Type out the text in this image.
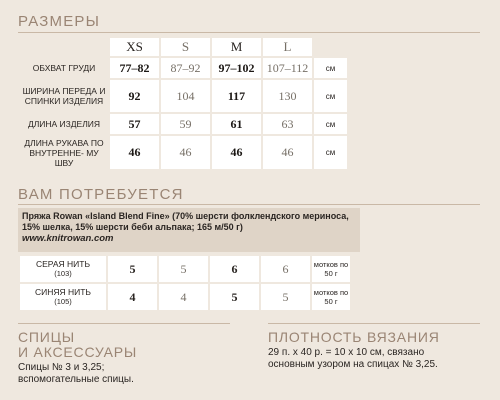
РАЗМЕРЫ
	XS	S	M	L	
ОБХВАТ ГРУДИ	77–82	87–92	97–102	107–112	см
ШИРИНА ПЕРЕДА И СПИНКИ ИЗДЕЛИЯ	92	104	117	130	см
ДЛИНА ИЗДЕЛИЯ	57	59	61	63	см
ДЛИНА РУКАВА ПО ВНУТРЕННЕ- МУ ШВУ	46	46	46	46	см
ВАМ ПОТРЕБУЕТСЯ

Пряжа Rowan «Island Blend Fine» (70% шерсти фолклендского мериноса, 15% шелка, 15% шерсти беби альпака; 165 м/50 г)

www.knitrowan.com

СЕРАЯ НИТЬ
(103)	5	5	6	6	мотков по 50 г
СИНЯЯ НИТЬ
(105)	4	4	5	5	мотков по 50 г
СПИЦЫ
И АКСЕССУАРЫ

Спицы № 3 и 3,25;
вспомогательные спицы.

ПЛОТНОСТЬ ВЯЗАНИЯ

29 п. х 40 р. = 10 х 10 см, связано
основным узором на спицах № 3,25.
